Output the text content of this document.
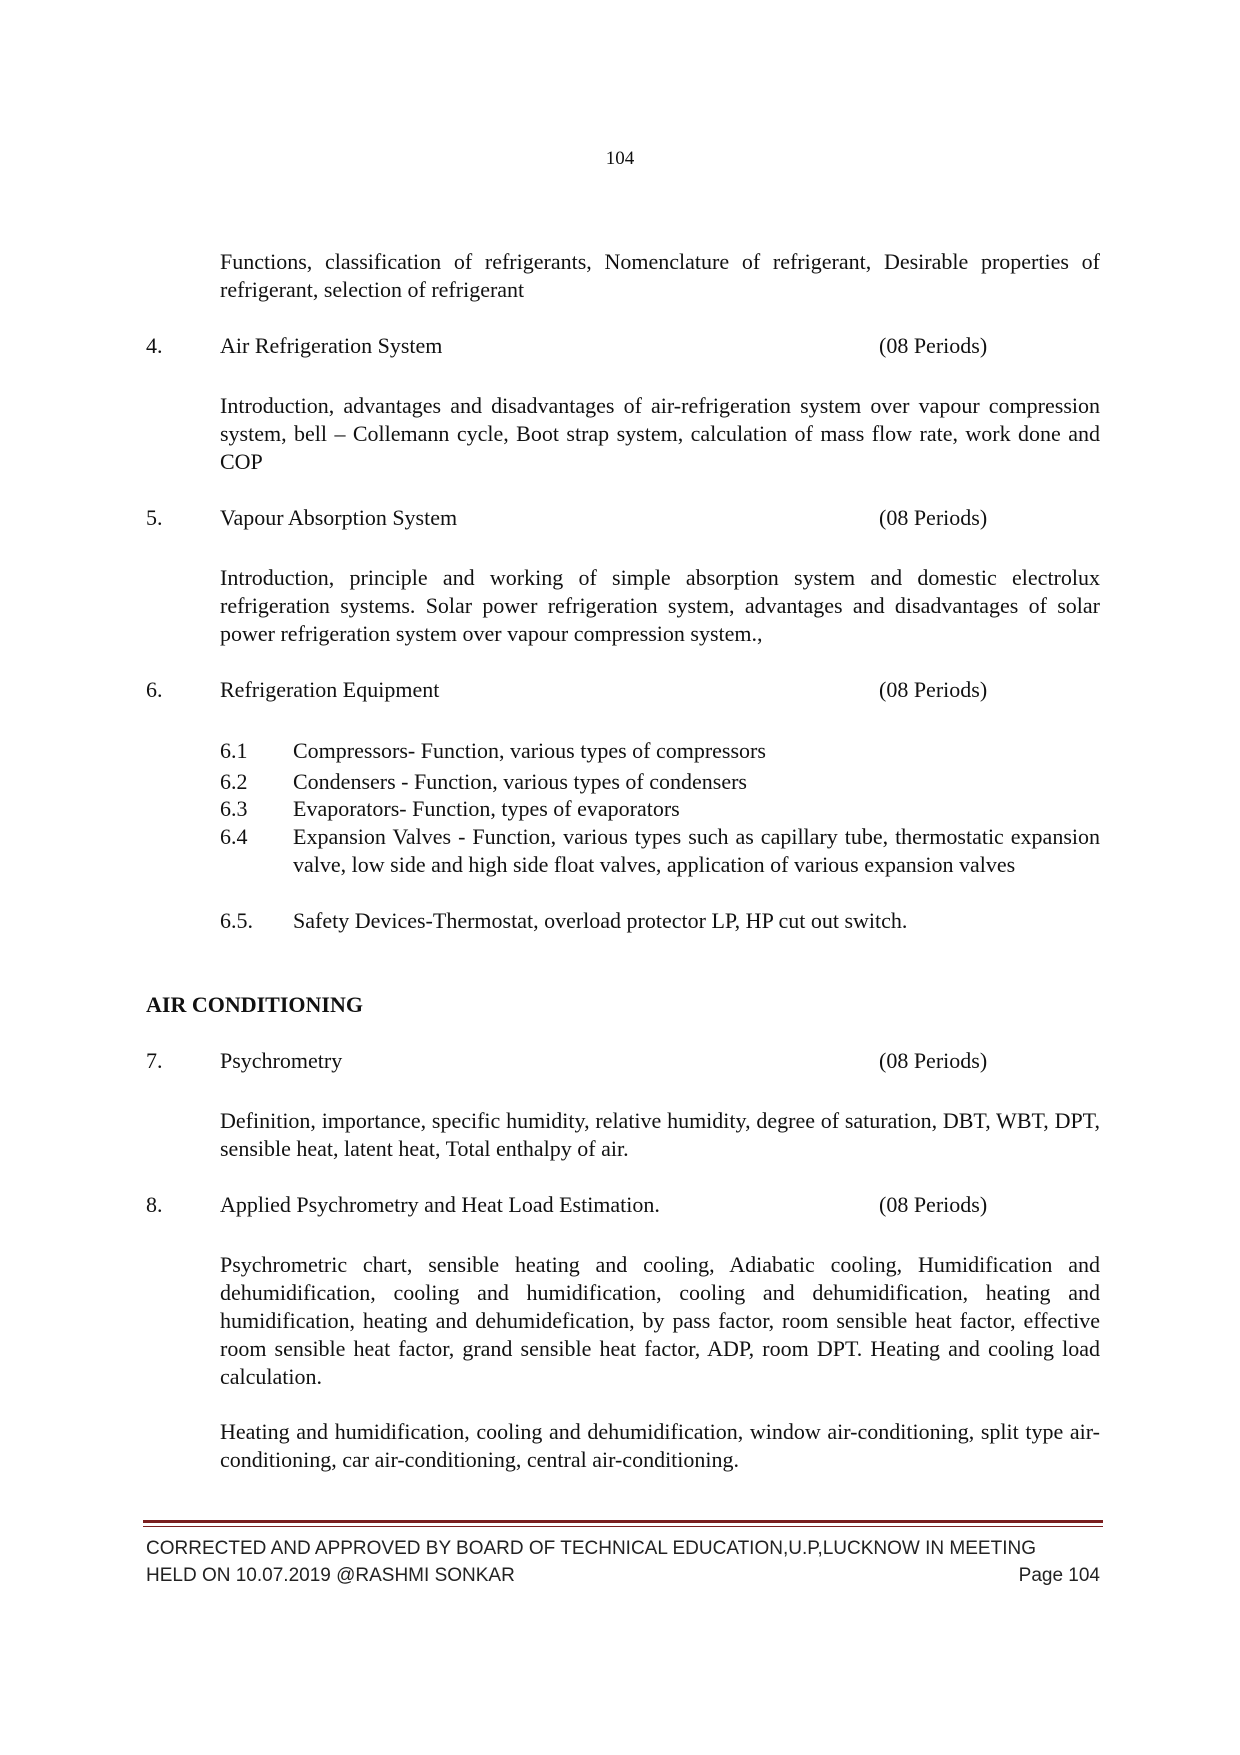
104
Functions, classification of refrigerants, Nomenclature of refrigerant, Desirable properties of refrigerant, selection of refrigerant
4.	Air Refrigeration System	(08 Periods)
Introduction, advantages and disadvantages of air-refrigeration system over vapour compression system, bell – Collemann cycle, Boot strap system, calculation of mass flow rate, work done and COP
5.	Vapour Absorption System	(08 Periods)
Introduction, principle and working of simple absorption system and domestic electrolux refrigeration systems. Solar power refrigeration system, advantages and disadvantages of solar power refrigeration system over vapour compression system.,
6.	Refrigeration Equipment	(08 Periods)
6.1 Compressors- Function, various types of compressors
6.2 Condensers - Function, various types of condensers
6.3 Evaporators- Function, types of evaporators
6.4 Expansion Valves - Function, various types such as capillary tube, thermostatic expansion valve, low side and high side float valves, application of various expansion valves
6.5. Safety Devices-Thermostat, overload protector LP, HP cut out switch.
AIR CONDITIONING
7.	Psychrometry	(08 Periods)
Definition, importance, specific humidity, relative humidity, degree of saturation, DBT, WBT, DPT, sensible heat, latent heat, Total enthalpy of air.
8.	Applied Psychrometry and Heat Load Estimation.	(08 Periods)
Psychrometric chart, sensible heating and cooling, Adiabatic cooling, Humidification and dehumidification, cooling and humidification, cooling and dehumidification, heating and humidification, heating and dehumidefication, by pass factor, room sensible heat factor, effective room sensible heat factor, grand sensible heat factor, ADP, room DPT. Heating and cooling load calculation.
Heating and humidification, cooling and dehumidification, window air-conditioning, split type air-conditioning, car air-conditioning, central air-conditioning.
CORRECTED AND APPROVED BY BOARD OF TECHNICAL EDUCATION,U.P,LUCKNOW IN MEETING
HELD ON 10.07.2019 @RASHMI SONKAR	Page 104
